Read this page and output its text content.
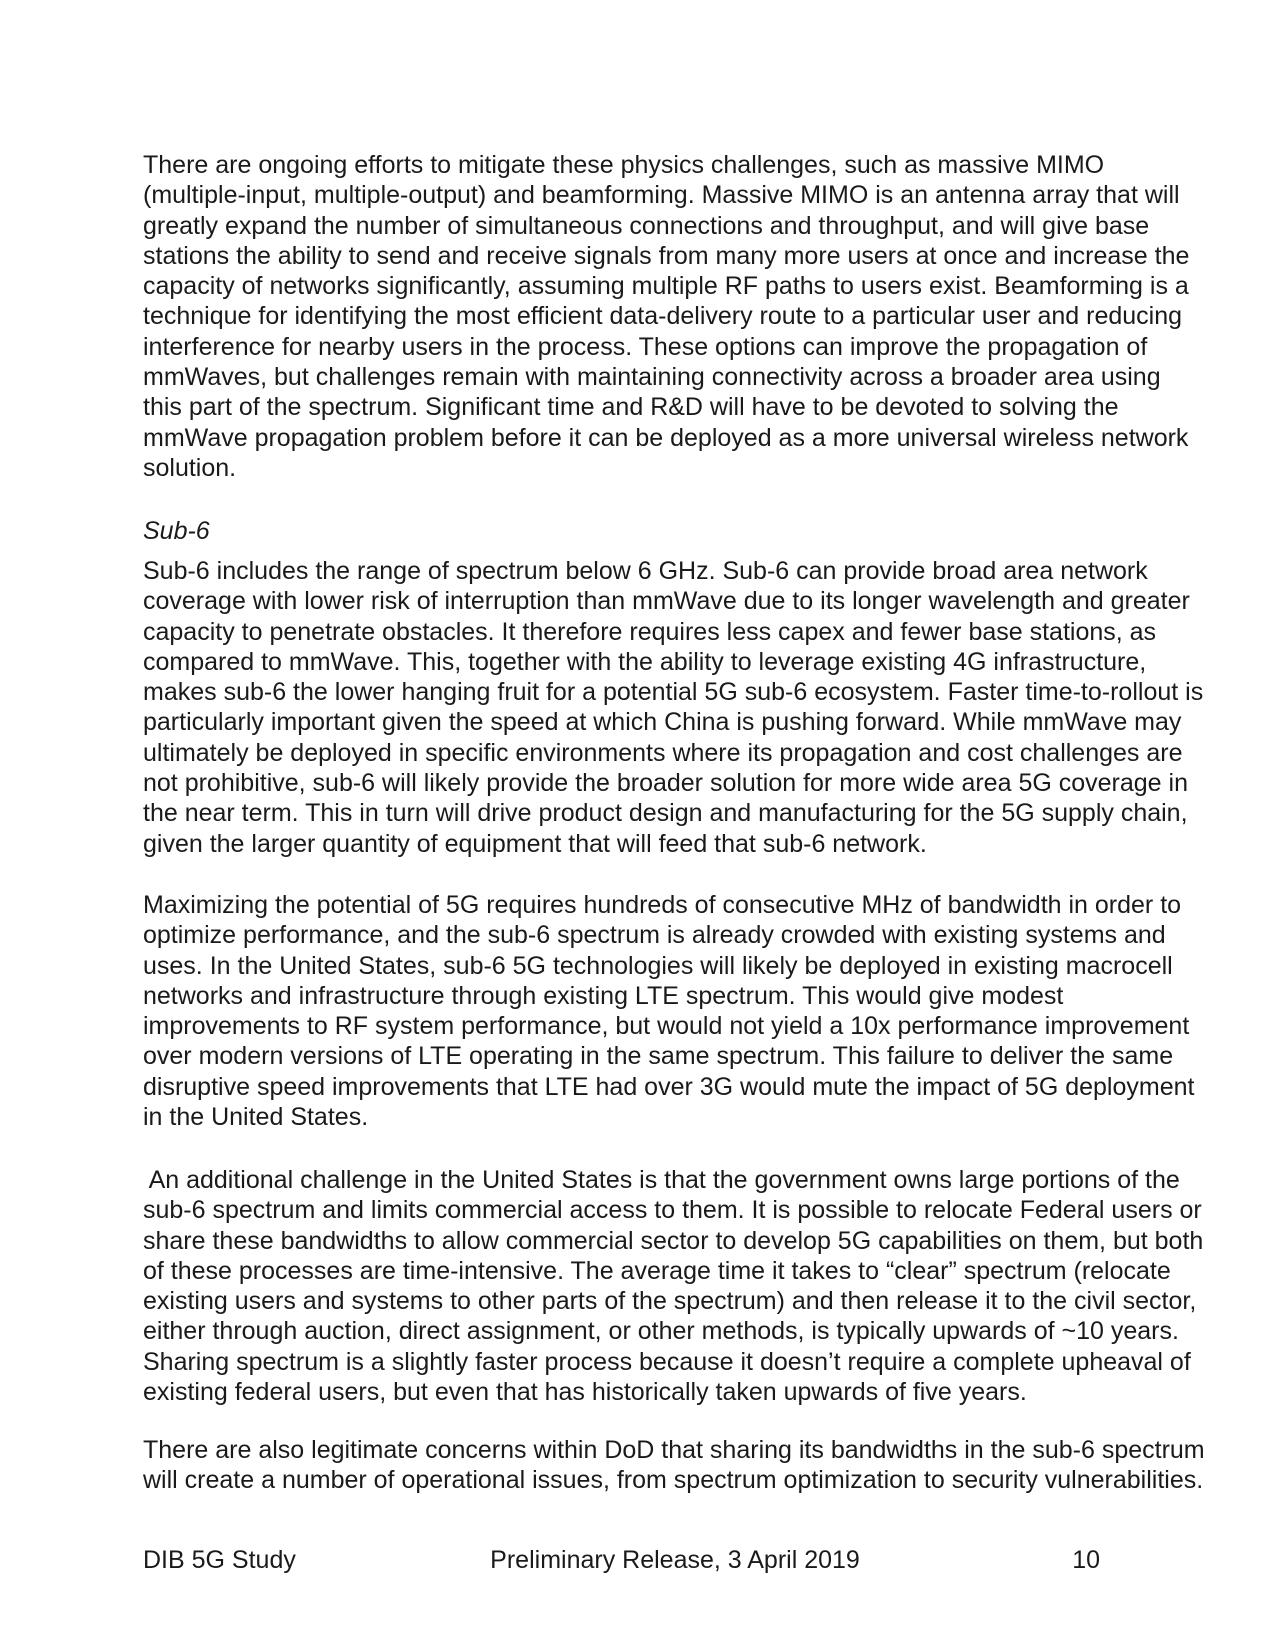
There are ongoing efforts to mitigate these physics challenges, such as massive MIMO
(multiple-input, multiple-output) and beamforming. Massive MIMO is an antenna array that will
greatly expand the number of simultaneous connections and throughput, and will give base
stations the ability to send and receive signals from many more users at once and increase the
capacity of networks significantly, assuming multiple RF paths to users exist. Beamforming is a
technique for identifying the most efficient data-delivery route to a particular user and reducing
interference for nearby users in the process. These options can improve the propagation of
mmWaves, but challenges remain with maintaining connectivity across a broader area using
this part of the spectrum. Significant time and R&D will have to be devoted to solving the
mmWave propagation problem before it can be deployed as a more universal wireless network
solution.
Sub-6
Sub-6 includes the range of spectrum below 6 GHz. Sub-6 can provide broad area network
coverage with lower risk of interruption than mmWave due to its longer wavelength and greater
capacity to penetrate obstacles. It therefore requires less capex and fewer base stations, as
compared to mmWave. This, together with the ability to leverage existing 4G infrastructure,
makes sub-6 the lower hanging fruit for a potential 5G sub-6 ecosystem. Faster time-to-rollout is
particularly important given the speed at which China is pushing forward. While mmWave may
ultimately be deployed in specific environments where its propagation and cost challenges are
not prohibitive, sub-6 will likely provide the broader solution for more wide area 5G coverage in
the near term. This in turn will drive product design and manufacturing for the 5G supply chain,
given the larger quantity of equipment that will feed that sub-6 network.
Maximizing the potential of 5G requires hundreds of consecutive MHz of bandwidth in order to
optimize performance, and the sub-6 spectrum is already crowded with existing systems and
uses. In the United States, sub-6 5G technologies will likely be deployed in existing macrocell
networks and infrastructure through existing LTE spectrum. This would give modest
improvements to RF system performance, but would not yield a 10x performance improvement
over modern versions of LTE operating in the same spectrum. This failure to deliver the same
disruptive speed improvements that LTE had over 3G would mute the impact of 5G deployment
in the United States.
An additional challenge in the United States is that the government owns large portions of the
sub-6 spectrum and limits commercial access to them. It is possible to relocate Federal users or
share these bandwidths to allow commercial sector to develop 5G capabilities on them, but both
of these processes are time-intensive. The average time it takes to “clear” spectrum (relocate
existing users and systems to other parts of the spectrum) and then release it to the civil sector,
either through auction, direct assignment, or other methods, is typically upwards of ~10 years.
Sharing spectrum is a slightly faster process because it doesn’t require a complete upheaval of
existing federal users, but even that has historically taken upwards of five years.
There are also legitimate concerns within DoD that sharing its bandwidths in the sub-6 spectrum
will create a number of operational issues, from spectrum optimization to security vulnerabilities.
DIB 5G Study	Preliminary Release, 3 April 2019	10
